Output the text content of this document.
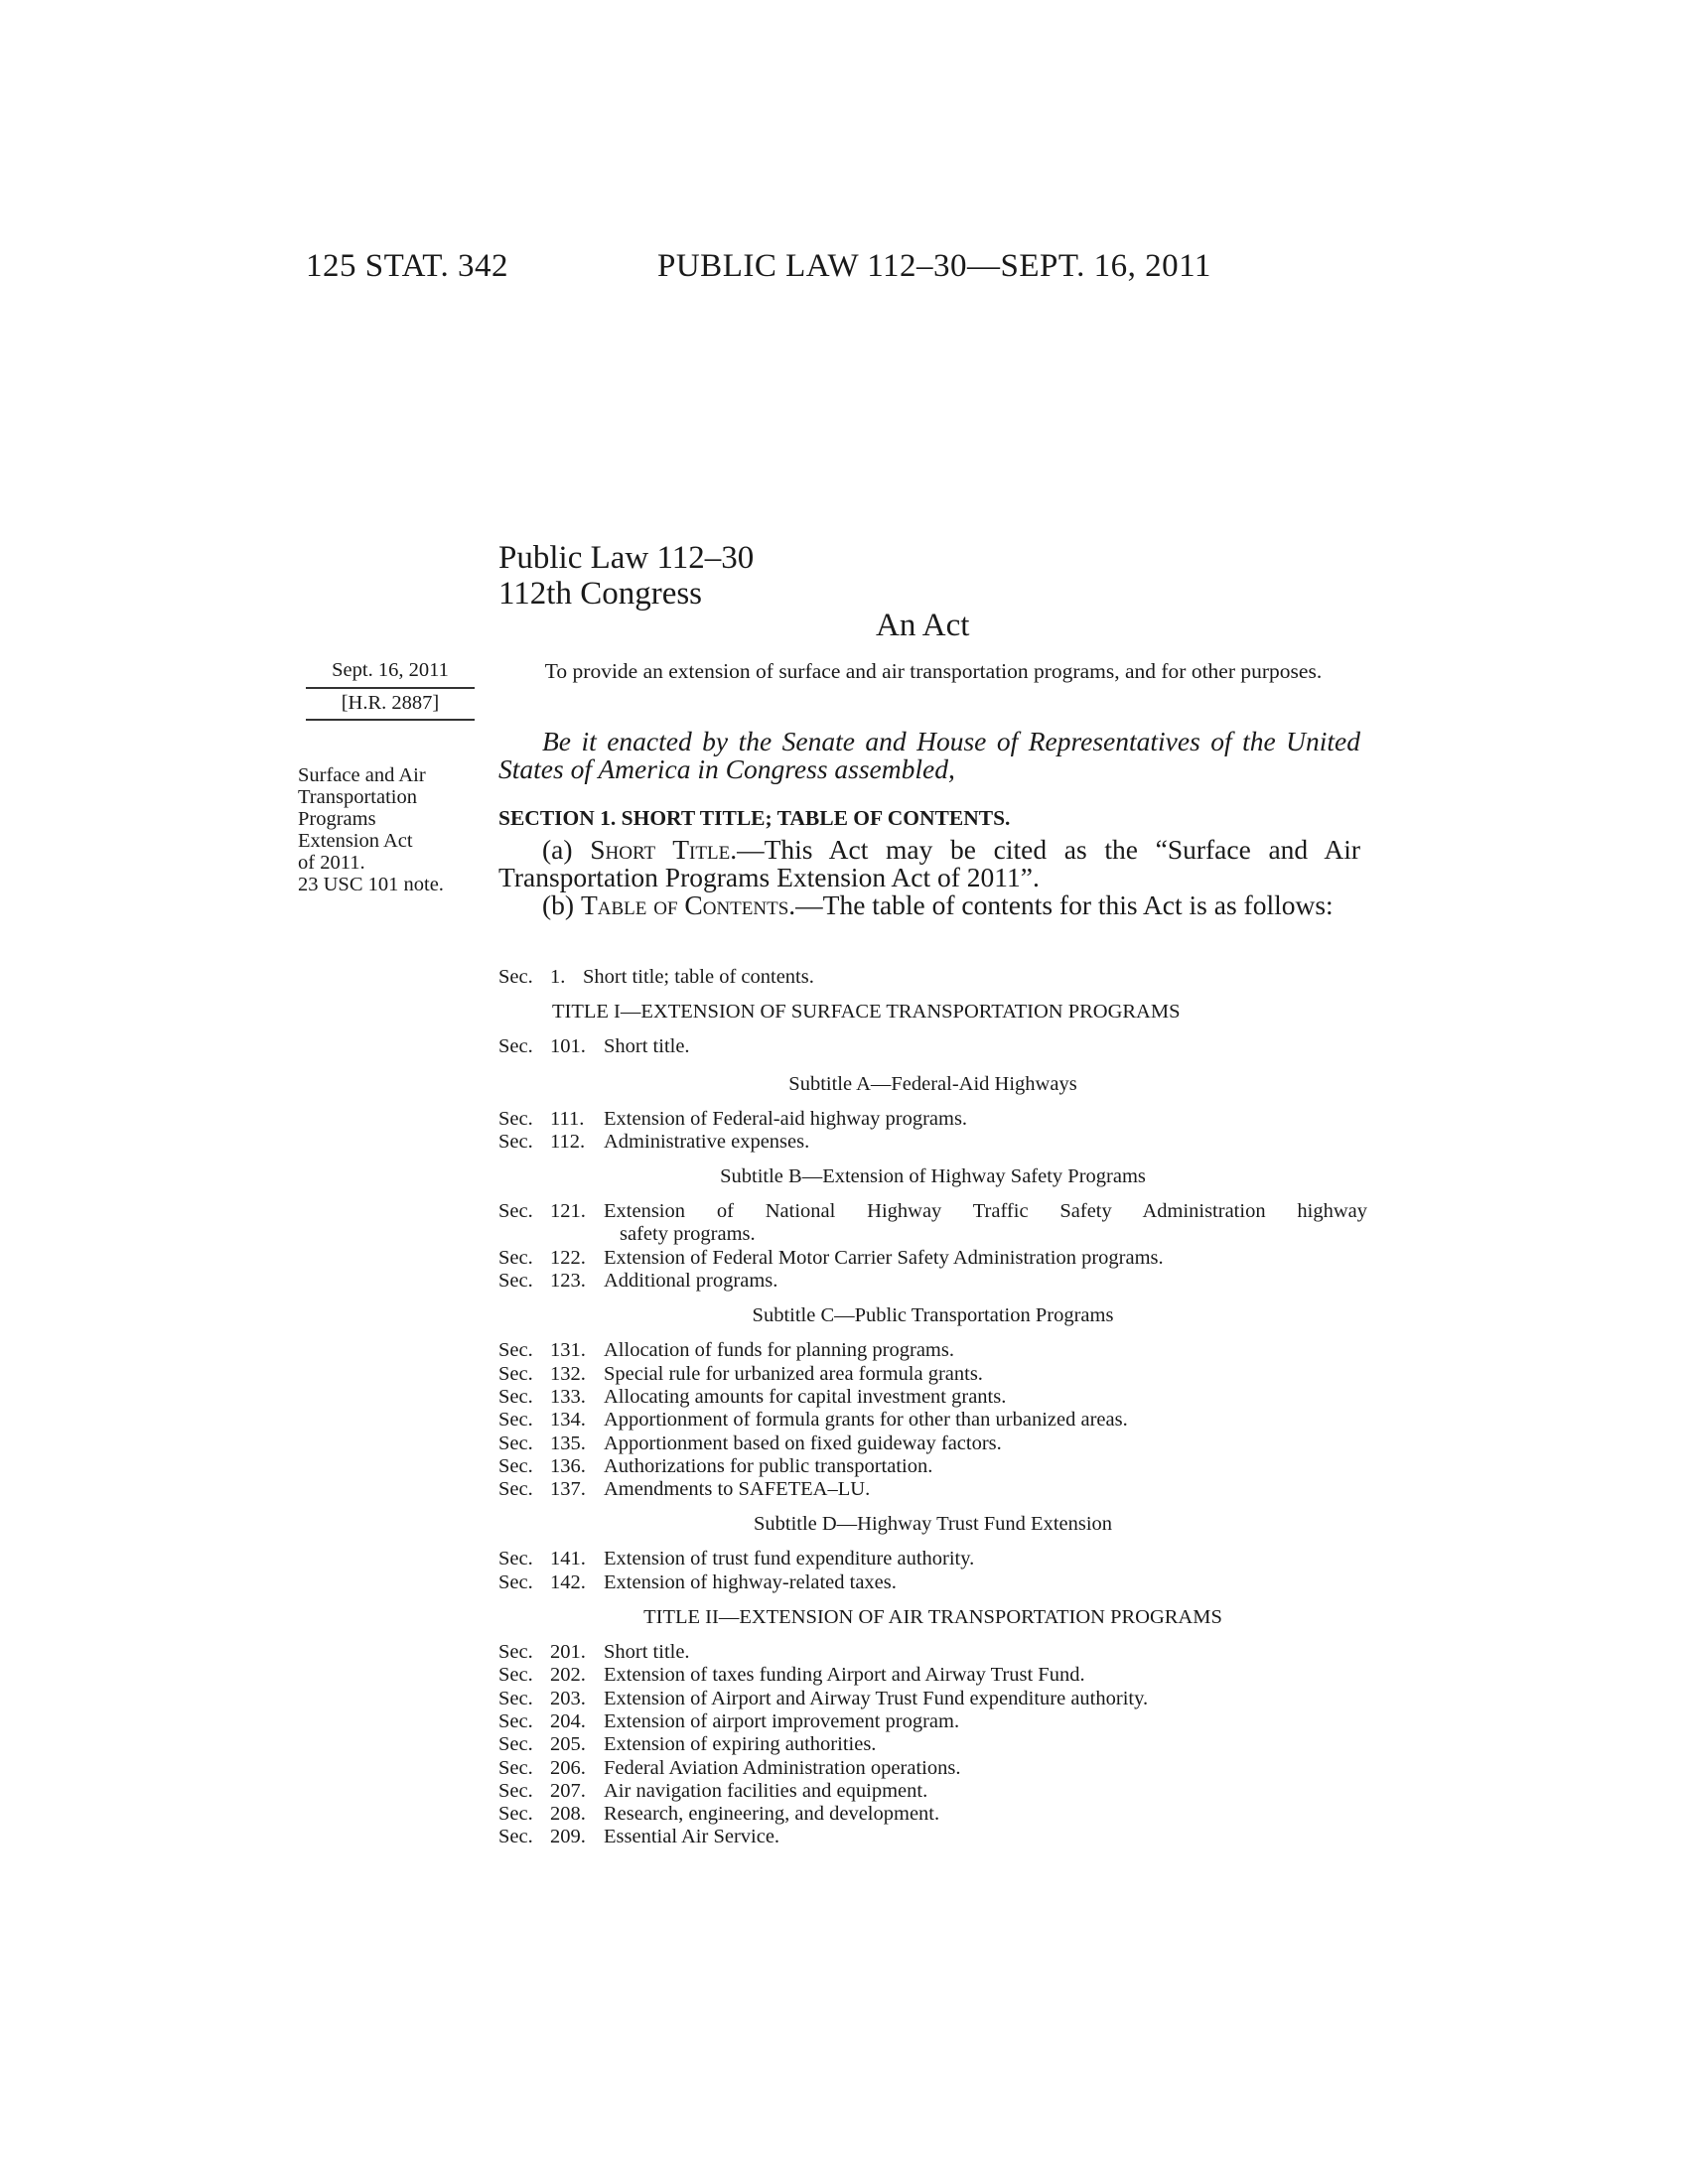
125 STAT. 342	PUBLIC LAW 112–30—SEPT. 16, 2011
Public Law 112–30
112th Congress
An Act
Sept. 16, 2011
[H.R. 2887]
Surface and Air
Transportation
Programs
Extension Act
of 2011.
23 USC 101 note.
To provide an extension of surface and air transportation programs, and for other purposes.
Be it enacted by the Senate and House of Representatives of the United States of America in Congress assembled,
SECTION 1. SHORT TITLE; TABLE OF CONTENTS.
(a) Short Title.—This Act may be cited as the “Surface and Air Transportation Programs Extension Act of 2011”.
(b) Table of Contents.—The table of contents for this Act is as follows:
Sec. 1. Short title; table of contents.
TITLE I—EXTENSION OF SURFACE TRANSPORTATION PROGRAMS
Sec. 101. Short title.
Subtitle A—Federal-Aid Highways
Sec. 111. Extension of Federal-aid highway programs.
Sec. 112. Administrative expenses.
Subtitle B—Extension of Highway Safety Programs
Sec. 121. Extension of National Highway Traffic Safety Administration highway
safety programs.
Sec. 122. Extension of Federal Motor Carrier Safety Administration programs.
Sec. 123. Additional programs.
Subtitle C—Public Transportation Programs
Sec. 131. Allocation of funds for planning programs.
Sec. 132. Special rule for urbanized area formula grants.
Sec. 133. Allocating amounts for capital investment grants.
Sec. 134. Apportionment of formula grants for other than urbanized areas.
Sec. 135. Apportionment based on fixed guideway factors.
Sec. 136. Authorizations for public transportation.
Sec. 137. Amendments to SAFETEA–LU.
Subtitle D—Highway Trust Fund Extension
Sec. 141. Extension of trust fund expenditure authority.
Sec. 142. Extension of highway-related taxes.
TITLE II—EXTENSION OF AIR TRANSPORTATION PROGRAMS
Sec. 201. Short title.
Sec. 202. Extension of taxes funding Airport and Airway Trust Fund.
Sec. 203. Extension of Airport and Airway Trust Fund expenditure authority.
Sec. 204. Extension of airport improvement program.
Sec. 205. Extension of expiring authorities.
Sec. 206. Federal Aviation Administration operations.
Sec. 207. Air navigation facilities and equipment.
Sec. 208. Research, engineering, and development.
Sec. 209. Essential Air Service.
